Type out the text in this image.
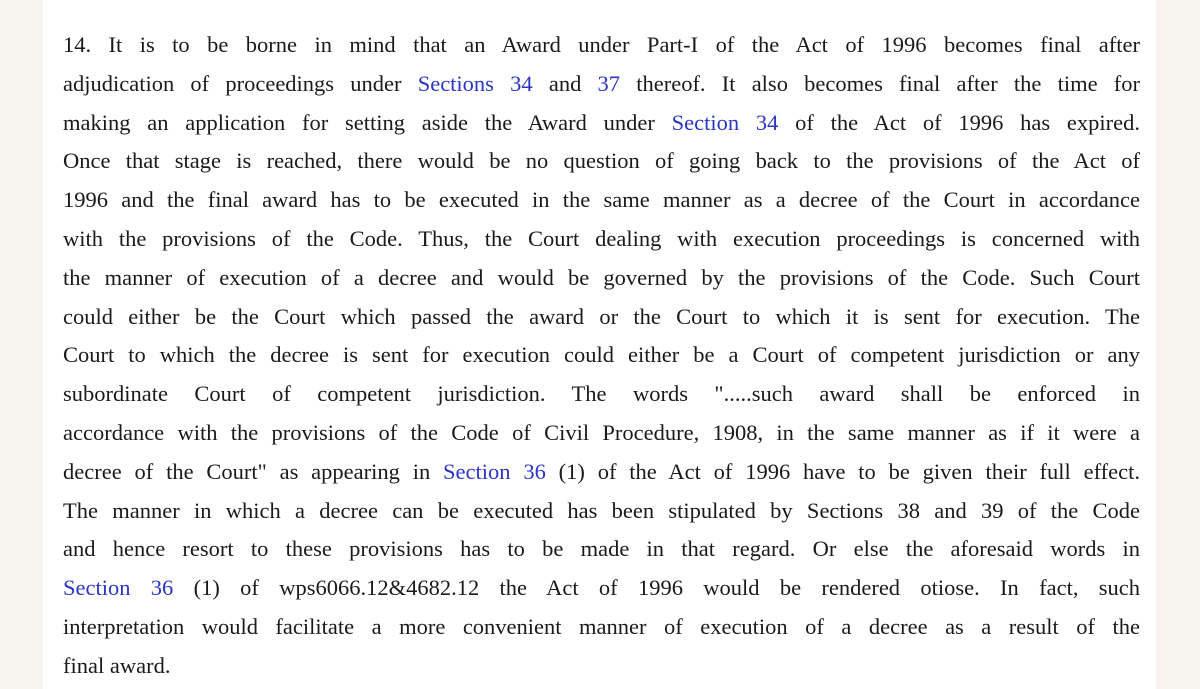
14. It is to be borne in mind that an Award under Part-I of the Act of 1996 becomes final after
adjudication of proceedings under Sections 34 and 37 thereof. It also becomes final after the time for
making an application for setting aside the Award under Section 34 of the Act of 1996 has expired.
Once that stage is reached, there would be no question of going back to the provisions of the Act of
1996 and the final award has to be executed in the same manner as a decree of the Court in accordance
with the provisions of the Code. Thus, the Court dealing with execution proceedings is concerned with
the manner of execution of a decree and would be governed by the provisions of the Code. Such Court
could either be the Court which passed the award or the Court to which it is sent for execution. The
Court to which the decree is sent for execution could either be a Court of competent jurisdiction or any
subordinate Court of competent jurisdiction. The words ".....such award shall be enforced in
accordance with the provisions of the Code of Civil Procedure, 1908, in the same manner as if it were a
decree of the Court" as appearing in Section 36 (1) of the Act of 1996 have to be given their full effect.
The manner in which a decree can be executed has been stipulated by Sections 38 and 39 of the Code
and hence resort to these provisions has to be made in that regard. Or else the aforesaid words in
Section 36 (1) of wps6066.12&4682.12 the Act of 1996 would be rendered otiose. In fact, such
interpretation would facilitate a more convenient manner of execution of a decree as a result of the
final award.
